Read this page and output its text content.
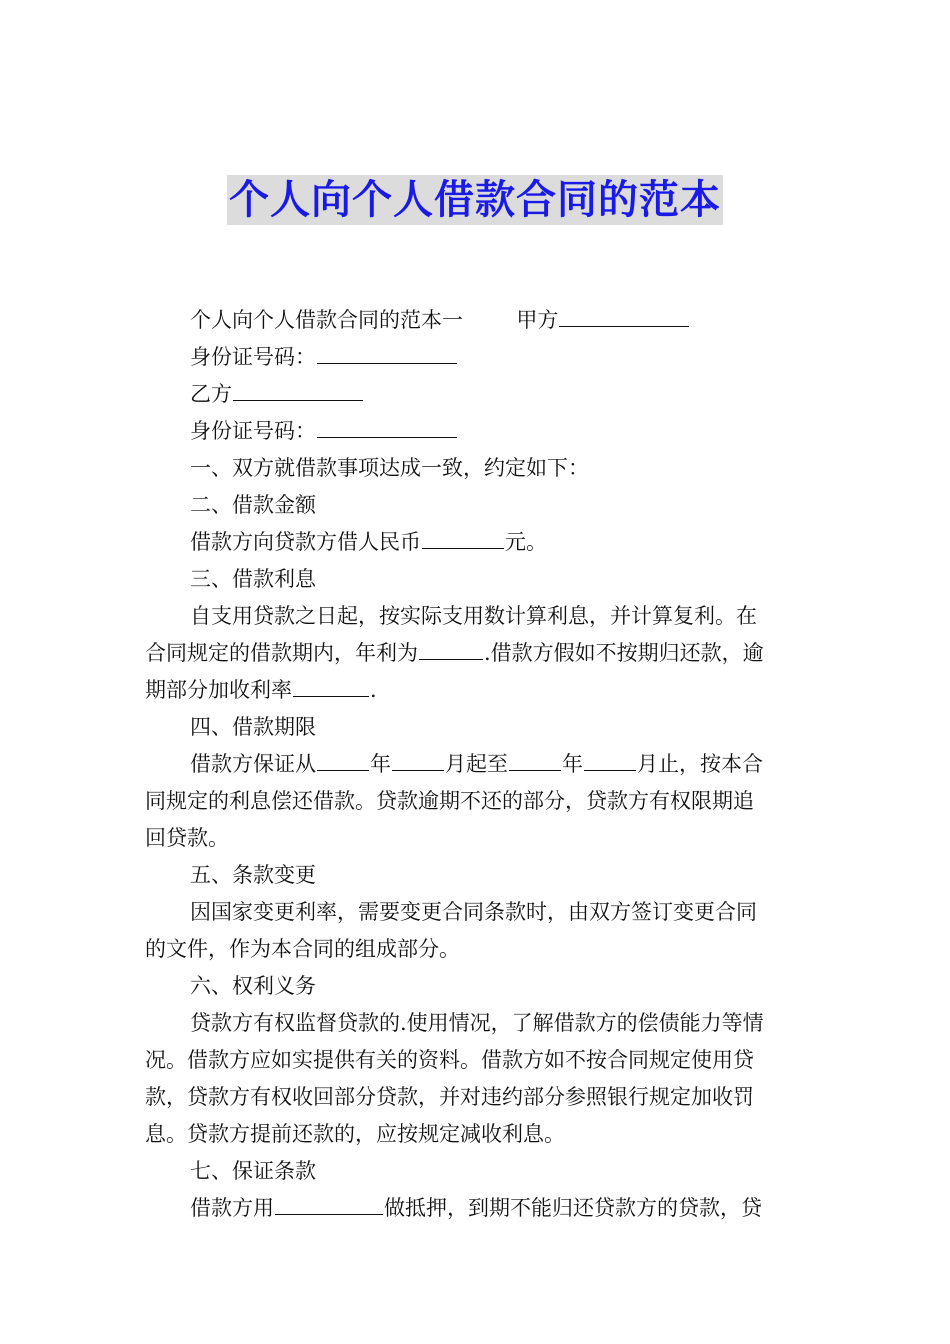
个人向个人借款合同的范本
个人向个人借款合同的范本一	甲方
身份证号码：
乙方
身份证号码：
一、双方就借款事项达成一致，约定如下：
二、借款金额
借款方向贷款方借人民币	元。
三、借款利息
自支用贷款之日起，按实际支用数计算利息，并计算复利。在
合同规定的借款期内，年利为	.借款方假如不按期归还款，逾
期部分加收利率	.
四、借款期限
借款方保证从	年	月起至	年	月止，按本合
同规定的利息偿还借款。贷款逾期不还的部分，贷款方有权限期追
回贷款。
五、条款变更
因国家变更利率，需要变更合同条款时，由双方签订变更合同
的文件，作为本合同的组成部分。
六、权利义务
贷款方有权监督贷款的.使用情况，了解借款方的偿债能力等情
况。借款方应如实提供有关的资料。借款方如不按合同规定使用贷
款，贷款方有权收回部分贷款，并对违约部分参照银行规定加收罚
息。贷款方提前还款的，应按规定减收利息。
七、保证条款
借款方用	做抵押，到期不能归还贷款方的贷款，贷
